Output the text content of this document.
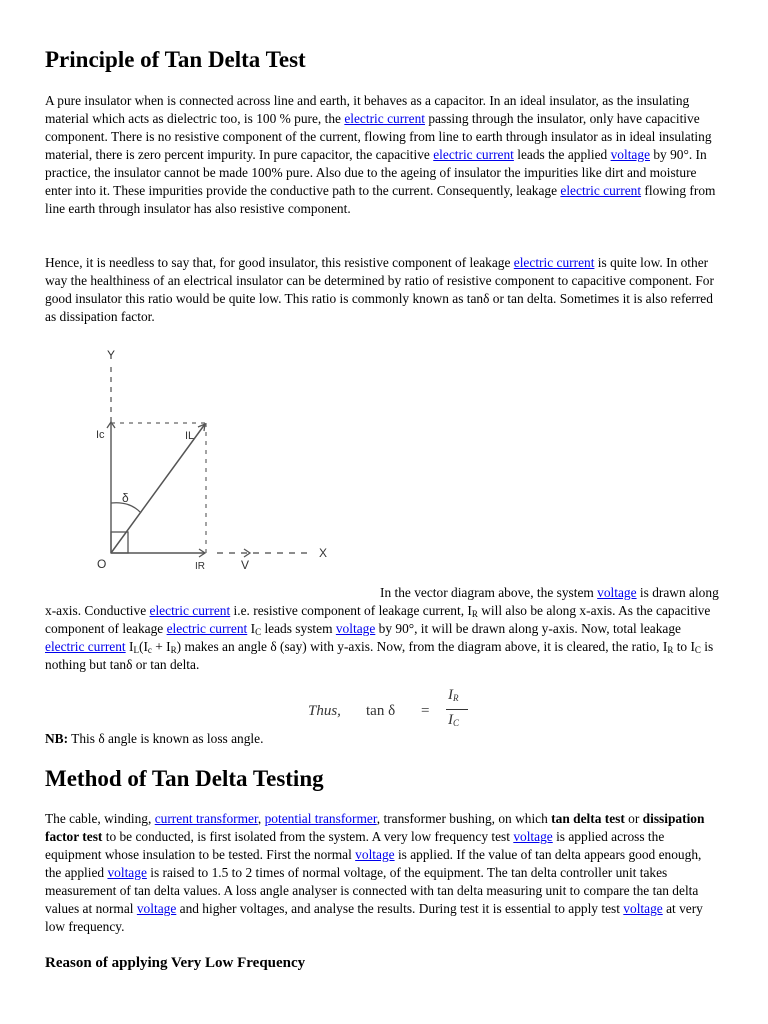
Principle of Tan Delta Test

A pure insulator when is connected across line and earth, it behaves as a capacitor. In an ideal insulator, as the insulating material which acts as dielectric too, is 100 % pure, the electric current passing through the insulator, only have capacitive component. There is no resistive component of the current, flowing from line to earth through insulator as in ideal insulating material, there is zero percent impurity. In pure capacitor, the capacitive electric current leads the applied voltage by 90°. In practice, the insulator cannot be made 100% pure. Also due to the ageing of insulator the impurities like dirt and moisture enter into it. These impurities provide the conductive path to the current. Consequently, leakage electric current flowing from line earth through insulator has also resistive component.

Hence, it is needless to say that, for good insulator, this resistive component of leakage electric current is quite low. In other way the healthiness of an electrical insulator can be determined by ratio of resistive component to capacitive component. For good insulator this ratio would be quite low. This ratio is commonly known as tanδ or tan delta. Sometimes it is also referred as dissipation factor.

Y
Ic	IL
δ
O	IR	V
X

In the vector diagram above, the system voltage is drawn along x-axis. Conductive electric current i.e. resistive component of leakage current, $I_R$ will also be along x-axis. As the capacitive component of leakage electric current $I_C$ leads system voltage by 90°, it will be drawn along y-axis. Now, total leakage electric current $I_L(I_c + I_R)$ makes an angle δ (say) with y-axis. Now, from the diagram above, it is cleared, the ratio, $I_R$ to $I_C$ is nothing but tanδ or tan delta.

Thus, tan δ =
$I_R$
$I_C$

NB: This δ angle is known as loss angle.

Method of Tan Delta Testing

The cable, winding, current transformer, potential transformer, transformer bushing, on which tan delta test or dissipation factor test to be conducted, is first isolated from the system. A very low frequency test voltage is applied across the equipment whose insulation to be tested. First the normal voltage is applied. If the value of tan delta appears good enough, the applied voltage is raised to 1.5 to 2 times of normal voltage, of the equipment. The tan delta controller unit takes measurement of tan delta values. A loss angle analyser is connected with tan delta measuring unit to compare the tan delta values at normal voltage and higher voltages, and analyse the results. During test it is essential to apply test voltage at very low frequency.

Reason of applying Very Low Frequency
